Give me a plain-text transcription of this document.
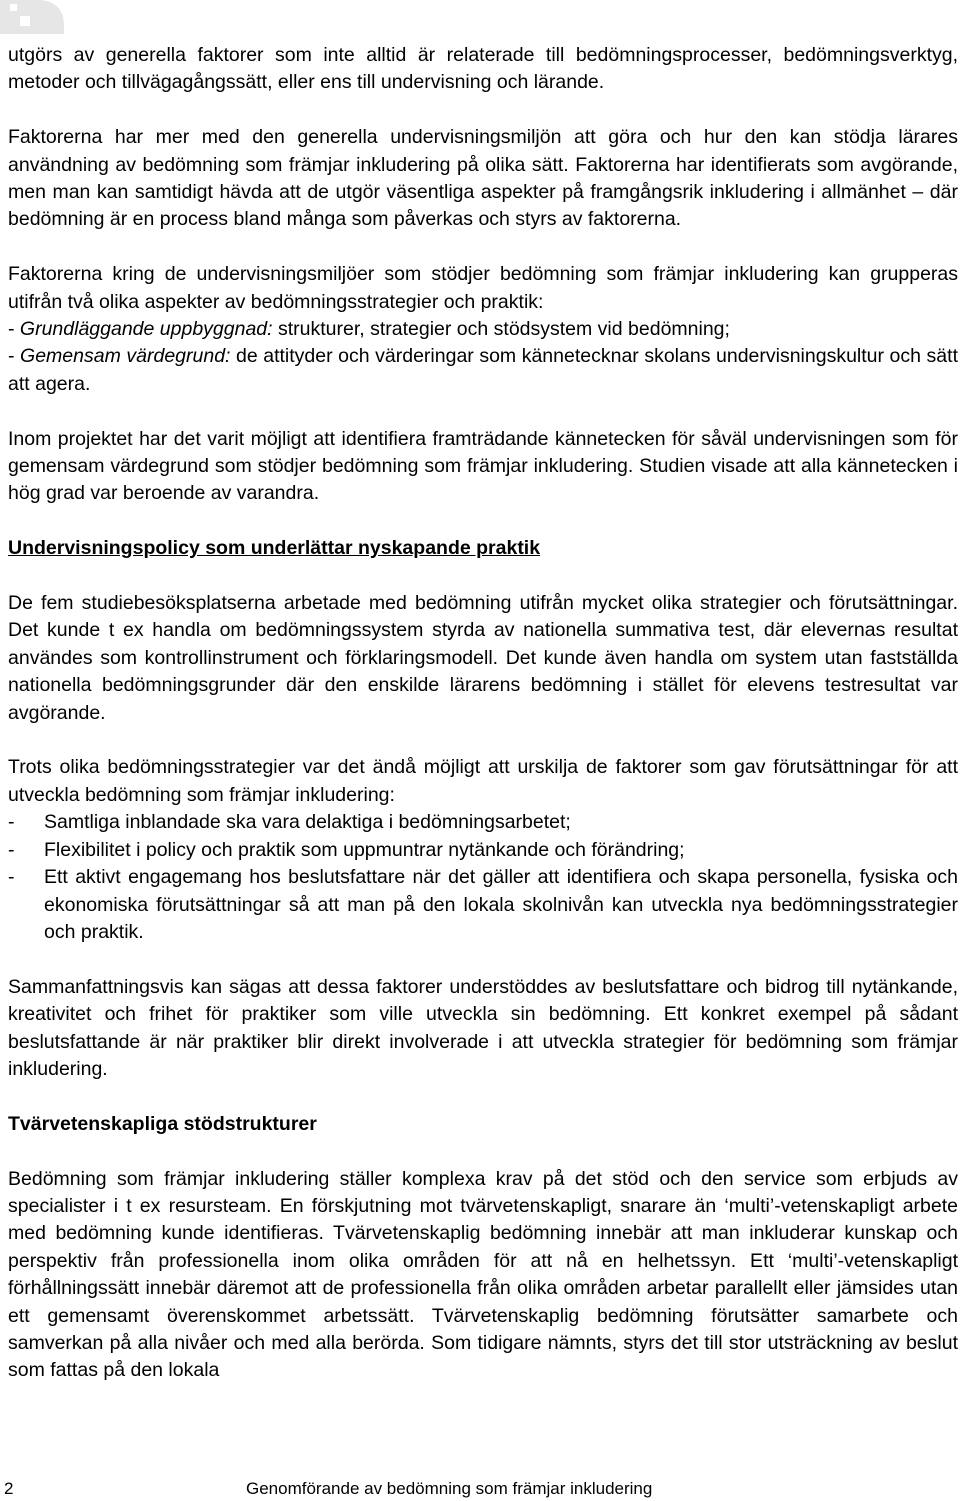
utgörs av generella faktorer som inte alltid är relaterade till bedömningsprocesser, bedömningsverktyg, metoder och tillvägagångssätt, eller ens till undervisning och lärande.

Faktorerna har mer med den generella undervisningsmiljön att göra och hur den kan stödja lärares användning av bedömning som främjar inkludering på olika sätt. Faktorerna har identifierats som avgörande, men man kan samtidigt hävda att de utgör väsentliga aspekter på framgångsrik inkludering i allmänhet – där bedömning är en process bland många som påverkas och styrs av faktorerna.

Faktorerna kring de undervisningsmiljöer som stödjer bedömning som främjar inkludering kan grupperas utifrån två olika aspekter av bedömningsstrategier och praktik:

- Grundläggande uppbyggnad: strukturer, strategier och stödsystem vid bedömning;

- Gemensam värdegrund: de attityder och värderingar som kännetecknar skolans undervisningskultur och sätt att agera.

Inom projektet har det varit möjligt att identifiera framträdande kännetecken för såväl undervisningen som för gemensam värdegrund som stödjer bedömning som främjar inkludering. Studien visade att alla kännetecken i hög grad var beroende av varandra.

Undervisningspolicy som underlättar nyskapande praktik

De fem studiebesöksplatserna arbetade med bedömning utifrån mycket olika strategier och förutsättningar. Det kunde t ex handla om bedömningssystem styrda av nationella summativa test, där elevernas resultat användes som kontrollinstrument och förklaringsmodell. Det kunde även handla om system utan fastställda nationella bedömningsgrunder där den enskilde lärarens bedömning i stället för elevens testresultat var avgörande.

Trots olika bedömningsstrategier var det ändå möjligt att urskilja de faktorer som gav förutsättningar för att utveckla bedömning som främjar inkludering:

-	Samtliga inblandade ska vara delaktiga i bedömningsarbetet;
-	Flexibilitet i policy och praktik som uppmuntrar nytänkande och förändring;
-	Ett aktivt engagemang hos beslutsfattare när det gäller att identifiera och skapa personella, fysiska och ekonomiska förutsättningar så att man på den lokala skolnivån kan utveckla nya bedömningsstrategier och praktik.

Sammanfattningsvis kan sägas att dessa faktorer understöddes av beslutsfattare och bidrog till nytänkande, kreativitet och frihet för praktiker som ville utveckla sin bedömning. Ett konkret exempel på sådant beslutsfattande är när praktiker blir direkt involverade i att utveckla strategier för bedömning som främjar inkludering.

Tvärvetenskapliga stödstrukturer

Bedömning som främjar inkludering ställer komplexa krav på det stöd och den service som erbjuds av specialister i t ex resursteam. En förskjutning mot tvärvetenskapligt, snarare än ‘multi’-vetenskapligt arbete med bedömning kunde identifieras. Tvärvetenskaplig bedömning innebär att man inkluderar kunskap och perspektiv från professionella inom olika områden för att nå en helhetssyn. Ett ‘multi’-vetenskapligt förhållningssätt innebär däremot att de professionella från olika områden arbetar parallellt eller jämsides utan ett gemensamt överenskommet arbetssätt. Tvärvetenskaplig bedömning förutsätter samarbete och samverkan på alla nivåer och med alla berörda. Som tidigare nämnts, styrs det till stor utsträckning av beslut som fattas på den lokala

2	Genomförande av bedömning som främjar inkludering
